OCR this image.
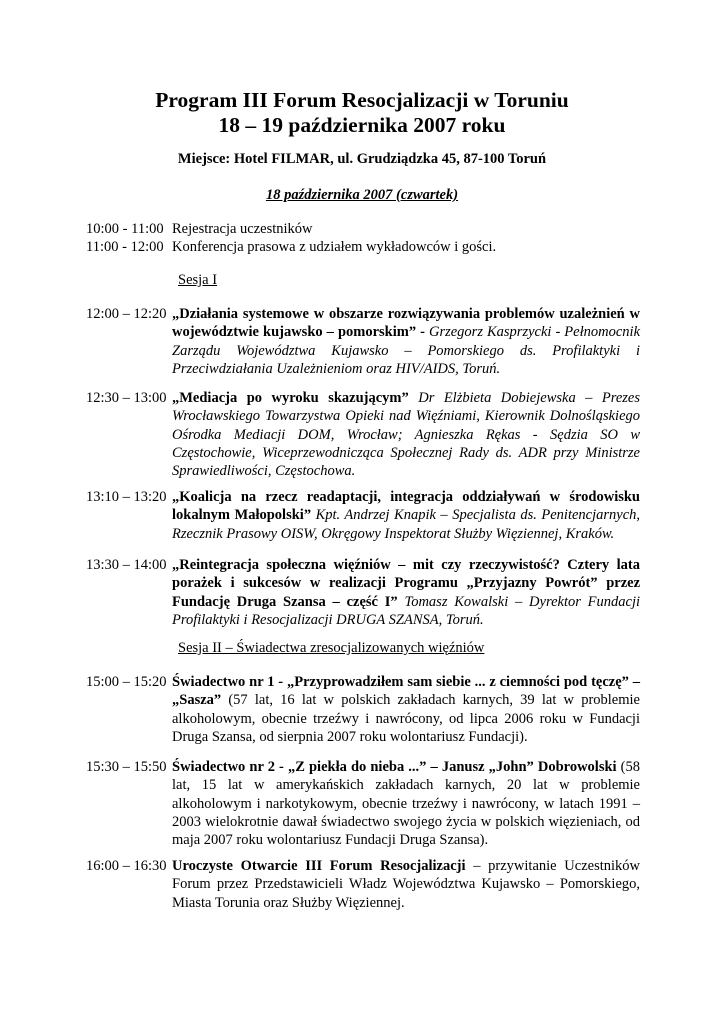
Program III Forum Resocjalizacji w Toruniu
18 – 19 października 2007 roku
Miejsce: Hotel FILMAR, ul. Grudziądzka 45, 87-100 Toruń
18 października 2007 (czwartek)
10:00 - 11:00 Rejestracja uczestników
11:00 - 12:00 Konferencja prasowa z udziałem wykładowców i gości.
Sesja I
12:00 – 12:20 „Działania systemowe w obszarze rozwiązywania problemów uzależnień w województwie kujawsko – pomorskim” - Grzegorz Kasprzycki - Pełnomocnik Zarządu Województwa Kujawsko – Pomorskiego ds. Profilaktyki i Przeciwdziałania Uzależnieniom oraz HIV/AIDS, Toruń.
12:30 – 13:00 „Mediacja po wyroku skazującym” Dr Elżbieta Dobiejewska – Prezes Wrocławskiego Towarzystwa Opieki nad Więźniami, Kierownik Dolnośląskiego Ośrodka Mediacji DOM, Wrocław; Agnieszka Rękas - Sędzia SO w Częstochowie, Wiceprzewodnicząca Społecznej Rady ds. ADR przy Ministrze Sprawiedliwości, Częstochowa.
13:10 – 13:20 „Koalicja na rzecz readaptacji, integracja oddziaływań w środowisku lokalnym Małopolski” Kpt. Andrzej Knapik – Specjalista ds. Penitencjarnych, Rzecznik Prasowy OISW, Okręgowy Inspektorat Służby Więziennej, Kraków.
13:30 – 14:00 „Reintegracja społeczna więźniów – mit czy rzeczywistość? Cztery lata porażek i sukcesów w realizacji Programu „Przyjazny Powrót” przez Fundację Druga Szansa – część I” Tomasz Kowalski – Dyrektor Fundacji Profilaktyki i Resocjalizacji DRUGA SZANSA, Toruń.
Sesja II – Świadectwa zresocjalizowanych więźniów
15:00 – 15:20 Świadectwo nr 1 - „Przyprowadziłem sam siebie ... z ciemności pod tęczę” – „Sasza” (57 lat, 16 lat w polskich zakładach karnych, 39 lat w problemie alkoholowym, obecnie trzeźwy i nawrócony, od lipca 2006 roku w Fundacji Druga Szansa, od sierpnia 2007 roku wolontariusz Fundacji).
15:30 – 15:50 Świadectwo nr 2 - „Z piekła do nieba ...” – Janusz „John” Dobrowolski (58 lat, 15 lat w amerykańskich zakładach karnych, 20 lat w problemie alkoholowym i narkotykowym, obecnie trzeźwy i nawrócony, w latach 1991 – 2003 wielokrotnie dawał świadectwo swojego życia w polskich więzieniach, od maja 2007 roku wolontariusz Fundacji Druga Szansa).
16:00 – 16:30 Uroczyste Otwarcie III Forum Resocjalizacji – przywitanie Uczestników Forum przez Przedstawicieli Władz Województwa Kujawsko – Pomorskiego, Miasta Torunia oraz Służby Więziennej.
